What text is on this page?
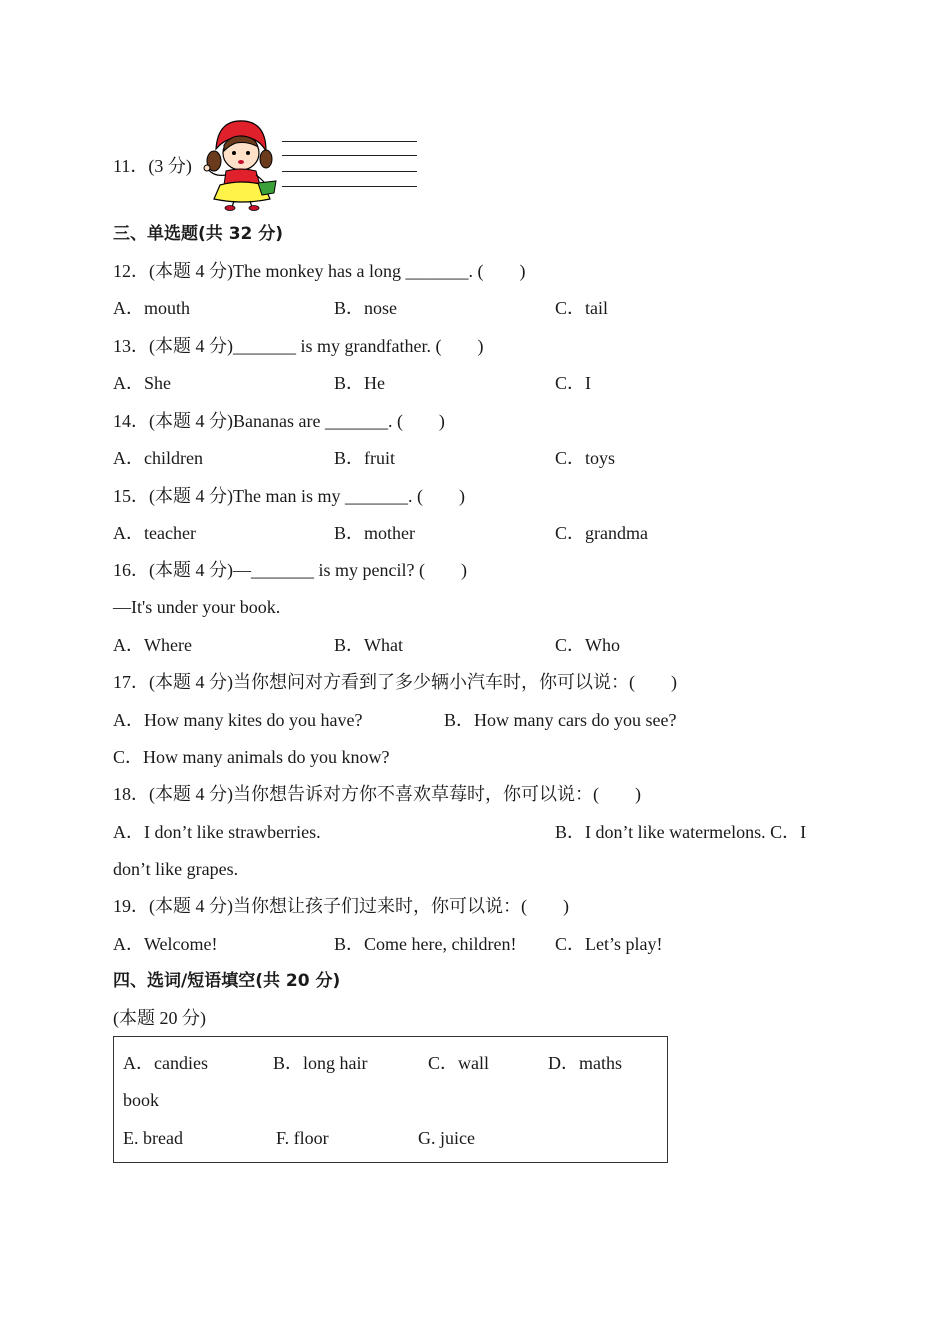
11．(3 分)
三、单选题(共 32 分)
12．(本题 4 分)The monkey has a long _______. (　　)
A．mouth	B．nose	C．tail
13．(本题 4 分)_______ is my grandfather. (　　)
A．She	B．He	C．I
14．(本题 4 分)Bananas are _______. (　　)
A．children	B．fruit	C．toys
15．(本题 4 分)The man is my _______. (　　)
A．teacher	B．mother	C．grandma
16．(本题 4 分)—_______ is my pencil? (　　)
—It's under your book.
A．Where	B．What	C．Who
17．(本题 4 分)当你想问对方看到了多少辆小汽车时，你可以说：(　　)
A．How many kites do you have?	B．How many cars do you see?
C．How many animals do you know?
18．(本题 4 分)当你想告诉对方你不喜欢草莓时，你可以说：(　　)
A．I don’t like strawberries.	B．I don’t like watermelons. C．I
don’t like grapes.
19．(本题 4 分)当你想让孩子们过来时，你可以说：(　　)
A．Welcome!	B．Come here, children! C．Let’s play!
四、选词/短语填空(共 20 分)
(本题 20 分)
A．candies	B．long hair	C．wall	D．maths
book
E. bread	F. floor	G. juice
